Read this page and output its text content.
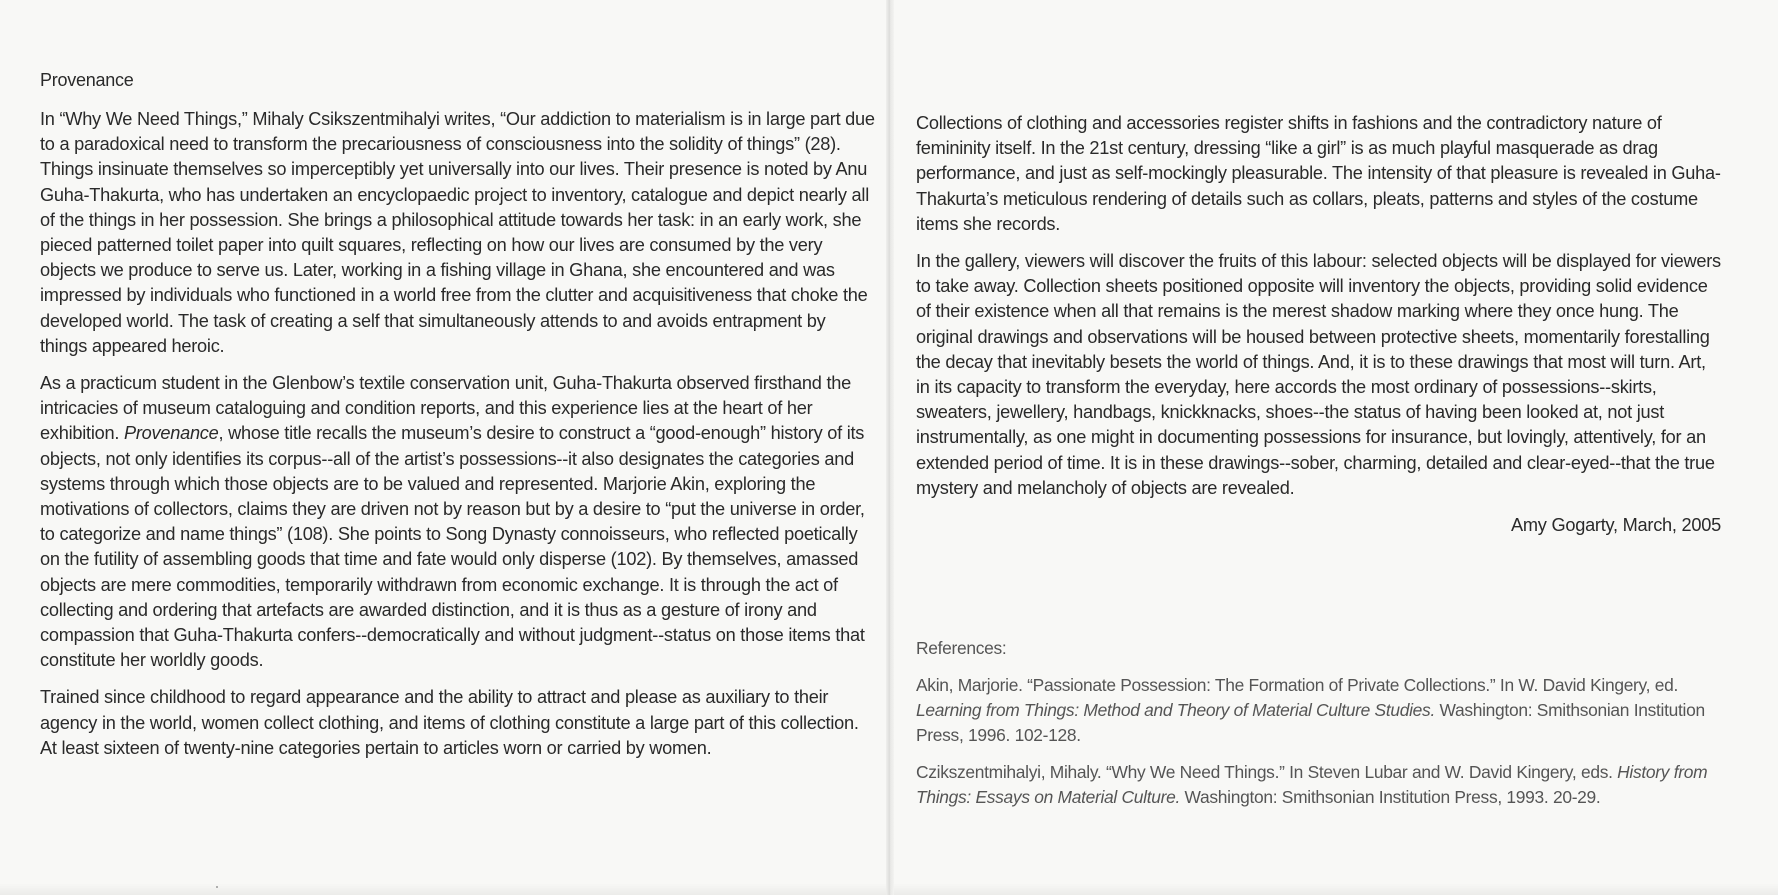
Provenance

In “Why We Need Things,” Mihaly Csikszentmihalyi writes, “Our addiction to materialism is in large part due to a paradoxical need to transform the precariousness of consciousness into the solidity of things” (28). Things insinuate themselves so imperceptibly yet universally into our lives. Their presence is noted by Anu Guha-Thakurta, who has undertaken an encyclopaedic project to inventory, catalogue and depict nearly all of the things in her possession. She brings a philosophical attitude towards her task: in an early work, she pieced patterned toilet paper into quilt squares, reflecting on how our lives are consumed by the very objects we produce to serve us. Later, working in a fishing village in Ghana, she encountered and was impressed by individuals who functioned in a world free from the clutter and acquisitiveness that choke the developed world. The task of creating a self that simultaneously attends to and avoids entrapment by things appeared heroic.

As a practicum student in the Glenbow’s textile conservation unit, Guha-Thakurta observed firsthand the intricacies of museum cataloguing and condition reports, and this experience lies at the heart of her exhibition. Provenance, whose title recalls the museum’s desire to construct a “good-enough” history of its objects, not only identifies its corpus--all of the artist’s possessions--it also designates the categories and systems through which those objects are to be valued and represented. Marjorie Akin, exploring the motivations of collectors, claims they are driven not by reason but by a desire to “put the universe in order, to categorize and name things” (108). She points to Song Dynasty connoisseurs, who reflected poetically on the futility of assembling goods that time and fate would only disperse (102). By themselves, amassed objects are mere commodities, temporarily withdrawn from economic exchange. It is through the act of collecting and ordering that artefacts are awarded distinction, and it is thus as a gesture of irony and compassion that Guha-Thakurta confers--democratically and without judgment--status on those items that constitute her worldly goods.

Trained since childhood to regard appearance and the ability to attract and please as auxiliary to their agency in the world, women collect clothing, and items of clothing constitute a large part of this collection. At least sixteen of twenty-nine categories pertain to articles worn or carried by women.

Collections of clothing and accessories register shifts in fashions and the contradictory nature of femininity itself. In the 21st century, dressing “like a girl” is as much playful masquerade as drag performance, and just as self-mockingly pleasurable. The intensity of that pleasure is revealed in Guha-Thakurta’s meticulous rendering of details such as collars, pleats, patterns and styles of the costume items she records.

In the gallery, viewers will discover the fruits of this labour: selected objects will be displayed for viewers to take away. Collection sheets positioned opposite will inventory the objects, providing solid evidence of their existence when all that remains is the merest shadow marking where they once hung. The original drawings and observations will be housed between protective sheets, momentarily forestalling the decay that inevitably besets the world of things. And, it is to these drawings that most will turn. Art, in its capacity to transform the everyday, here accords the most ordinary of possessions--skirts, sweaters, jewellery, handbags, knickknacks, shoes--the status of having been looked at, not just instrumentally, as one might in documenting possessions for insurance, but lovingly, attentively, for an extended period of time. It is in these drawings--sober, charming, detailed and clear-eyed--that the true mystery and melancholy of objects are revealed.

Amy Gogarty, March, 2005

References:

Akin, Marjorie. “Passionate Possession: The Formation of Private Collections.” In W. David Kingery, ed. Learning from Things: Method and Theory of Material Culture Studies. Washington: Smithsonian Institution Press, 1996. 102-128.

Czikszentmihalyi, Mihaly. “Why We Need Things.” In Steven Lubar and W. David Kingery, eds. History from Things: Essays on Material Culture. Washington: Smithsonian Institution Press, 1993. 20-29.
